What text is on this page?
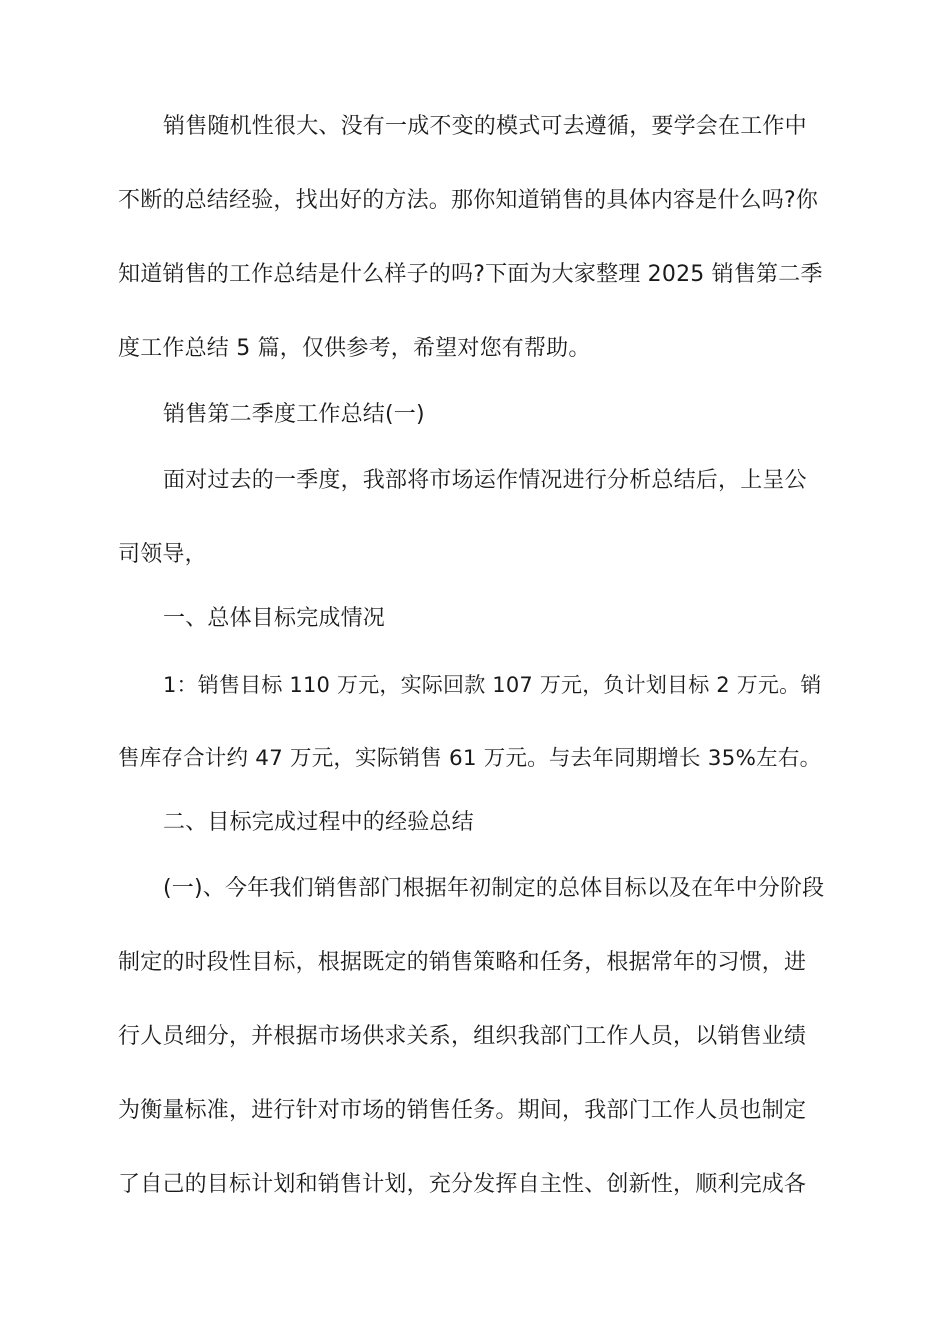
销售随机性很大、没有一成不变的模式可去遵循，要学会在工作中
不断的总结经验，找出好的方法。那你知道销售的具体内容是什么吗?你
知道销售的工作总结是什么样子的吗?下面为大家整理 2025 销售第二季
度工作总结 5 篇，仅供参考，希望对您有帮助。
销售第二季度工作总结(一)
面对过去的一季度，我部将市场运作情况进行分析总结后，上呈公
司领导，
一、总体目标完成情况
1：销售目标 110 万元，实际回款 107 万元，负计划目标 2 万元。销
售库存合计约 47 万元，实际销售 61 万元。与去年同期增长 35%左右。
二、目标完成过程中的经验总结
(一)、今年我们销售部门根据年初制定的总体目标以及在年中分阶段
制定的时段性目标，根据既定的销售策略和任务，根据常年的习惯，进
行人员细分，并根据市场供求关系，组织我部门工作人员，以销售业绩
为衡量标准，进行针对市场的销售任务。期间，我部门工作人员也制定
了自己的目标计划和销售计划，充分发挥自主性、创新性，顺利完成各
